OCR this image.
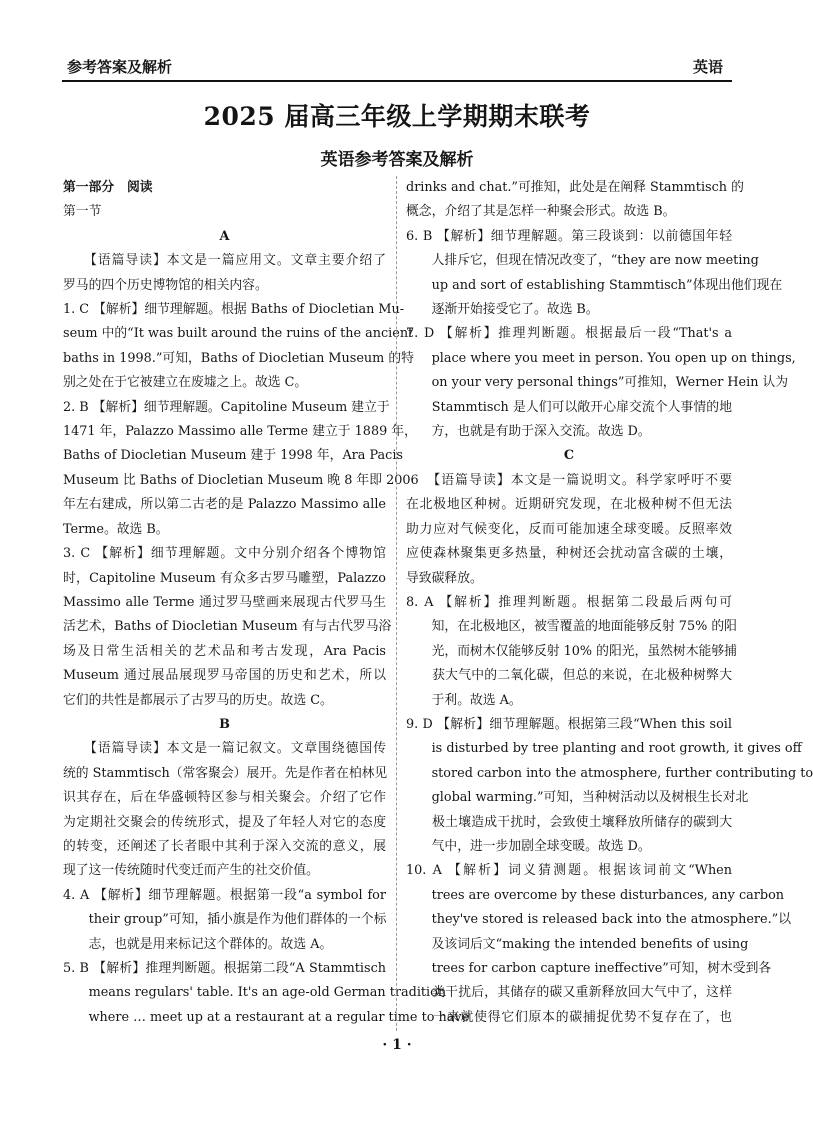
参考答案及解析	英语
2025 届高三年级上学期期末联考
英语参考答案及解析
第一部分　阅读
第一节
A
　　【语篇导读】本文是一篇应用文。文章主要介绍了
罗马的四个历史博物馆的相关内容。
1. C 【解析】细节理解题。根据 Baths of Diocletian Mu-
seum 中的“It was built around the ruins of the ancient
baths in 1998.”可知，Baths of Diocletian Museum 的特
别之处在于它被建立在废墟之上。故选 C。
2. B 【解析】细节理解题。Capitoline Museum 建立于
1471 年，Palazzo Massimo alle Terme 建立于 1889 年，
Baths of Diocletian Museum 建于 1998 年，Ara Pacis
Museum 比 Baths of Diocletian Museum 晚 8 年即 2006
年左右建成，所以第二古老的是 Palazzo Massimo alle
Terme。故选 B。
3. C 【解析】细节理解题。文中分别介绍各个博物馆
时，Capitoline Museum 有众多古罗马雕塑，Palazzo
Massimo alle Terme 通过罗马壁画来展现古代罗马生
活艺术，Baths of Diocletian Museum 有与古代罗马浴
场及日常生活相关的艺术品和考古发现，Ara Pacis
Museum 通过展品展现罗马帝国的历史和艺术，所以
它们的共性是都展示了古罗马的历史。故选 C。
B
　　【语篇导读】本文是一篇记叙文。文章围绕德国传
统的 Stammtisch（常客聚会）展开。先是作者在柏林见
识其存在，后在华盛顿特区参与相关聚会。介绍了它作
为定期社交聚会的传统形式，提及了年轻人对它的态度
的转变，还阐述了长者眼中其利于深入交流的意义，展
现了这一传统随时代变迁而产生的社交价值。
4. A 【解析】细节理解题。根据第一段“a symbol for
　　their group”可知，插小旗是作为他们群体的一个标
　　志，也就是用来标记这个群体的。故选 A。
5. B 【解析】推理判断题。根据第二段“A Stammtisch
　　means regulars' table. It's an age-old German tradition
　　where … meet up at a restaurant at a regular time to have
drinks and chat.”可推知，此处是在阐释 Stammtisch 的
概念，介绍了其是怎样一种聚会形式。故选 B。
6. B 【解析】细节理解题。第三段谈到：以前德国年轻
　　人排斥它，但现在情况改变了，“they are now meeting
　　up and sort of establishing Stammtisch”体现出他们现在
　　逐渐开始接受它了。故选 B。
7. D 【解析】推理判断题。根据最后一段“That's a
　　place where you meet in person. You open up on things,
　　on your very personal things”可推知，Werner Hein 认为
　　Stammtisch 是人们可以敞开心扉交流个人事情的地
　　方，也就是有助于深入交流。故选 D。
C
　　【语篇导读】本文是一篇说明文。科学家呼吁不要
在北极地区种树。近期研究发现，在北极种树不但无法
助力应对气候变化，反而可能加速全球变暖。反照率效
应使森林聚集更多热量，种树还会扰动富含碳的土壤，
导致碳释放。
8. A 【解析】推理判断题。根据第二段最后两句可
　　知，在北极地区，被雪覆盖的地面能够反射 75% 的阳
　　光，而树木仅能够反射 10% 的阳光，虽然树木能够捕
　　获大气中的二氧化碳，但总的来说，在北极种树弊大
　　于利。故选 A。
9. D 【解析】细节理解题。根据第三段“When this soil
　　is disturbed by tree planting and root growth, it gives off
　　stored carbon into the atmosphere, further contributing to
　　global warming.”可知，当种树活动以及树根生长对北
　　极土壤造成干扰时，会致使土壤释放所储存的碳到大
　　气中，进一步加剧全球变暖。故选 D。
10. A 【解析】词义猜测题。根据该词前文“When
　　trees are overcome by these disturbances, any carbon
　　they've stored is released back into the atmosphere.”以
　　及该词后文“making the intended benefits of using
　　trees for carbon capture ineffective”可知，树木受到各
　　类干扰后，其储存的碳又重新释放回大气中了，这样
　　一来就使得它们原本的碳捕捉优势不复存在了，也
· 1 ·
